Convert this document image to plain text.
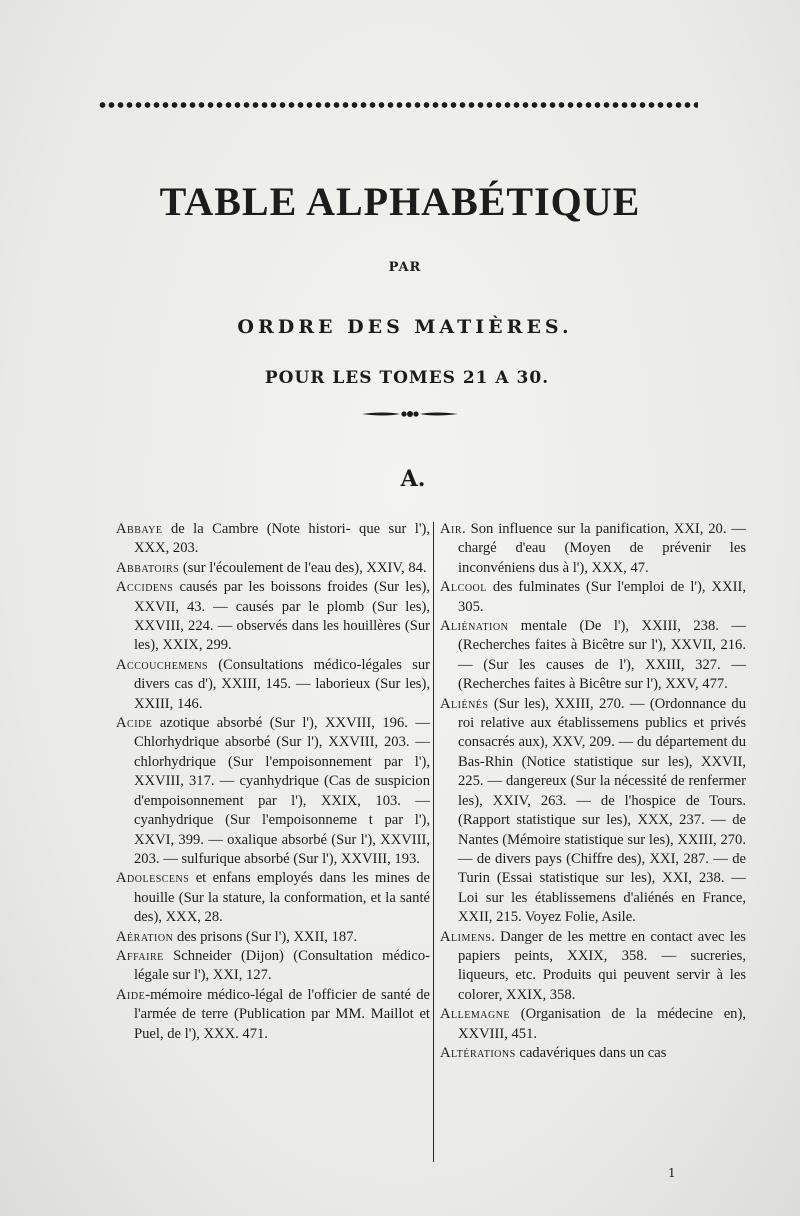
TABLE ALPHABÉTIQUE
PAR
ORDRE DES MATIÈRES.
POUR LES TOMES 21 A 30.
A.

Abbaye de la Cambre (Note histori- que sur l'), XXX, 203.

Abbatoirs (sur l'écoulement de l'eau des), XXIV, 84.

Accidens causés par les boissons froides (Sur les), XXVII, 43. — causés par le plomb (Sur les), XXVIII, 224. — observés dans les houillères (Sur les), XXIX, 299.

Accouchemens (Consultations médico-légales sur divers cas d'), XXIII, 145. — laborieux (Sur les), XXIII, 146.

Acide azotique absorbé (Sur l'), XXVIII, 196. — Chlorhydrique absorbé (Sur l'), XXVIII, 203. — chlorhydrique (Sur l'empoisonnement par l'), XXVIII, 317. — cyanhydrique (Cas de suspicion d'empoisonnement par l'), XXIX, 103. — cyanhydrique (Sur l'empoisonneme t par l'), XXVI, 399. — oxalique absorbé (Sur l'), XXVIII, 203. — sulfurique absorbé (Sur l'), XXVIII, 193.

Adolescens et enfans employés dans les mines de houille (Sur la stature, la conformation, et la santé des), XXX, 28.

Aération des prisons (Sur l'), XXII, 187.

Affaire Schneider (Dijon) (Consultation médico-légale sur l'), XXI, 127.

Aide-mémoire médico-légal de l'officier de santé de l'armée de terre (Publication par MM. Maillot et Puel, de l'), XXX. 471.

Air. Son influence sur la panification, XXI, 20. — chargé d'eau (Moyen de prévenir les inconvéniens dus à l'), XXX, 47.

Alcool des fulminates (Sur l'emploi de l'), XXII, 305.

Aliénation mentale (De l'), XXIII, 238. — (Recherches faites à Bicêtre sur l'), XXVII, 216. — (Sur les causes de l'), XXIII, 327. — (Recherches faites à Bicêtre sur l'), XXV, 477.

Aliénés (Sur les), XXIII, 270. — (Ordonnance du roi relative aux établissemens publics et privés consacrés aux), XXV, 209. — du département du Bas-Rhin (Notice statistique sur les), XXVII, 225. — dangereux (Sur la nécessité de renfermer les), XXIV, 263. — de l'hospice de Tours. (Rapport statistique sur les), XXX, 237. — de Nantes (Mémoire statistique sur les), XXIII, 270. — de divers pays (Chiffre des), XXI, 287. — de Turin (Essai statistique sur les), XXI, 238. — Loi sur les établissemens d'aliénés en France, XXII, 215. Voyez Folie, Asile.

Alimens. Danger de les mettre en contact avec les papiers peints, XXIX, 358. — sucreries, liqueurs, etc. Produits qui peuvent servir à les colorer, XXIX, 358.

Allemagne (Organisation de la médecine en), XXVIII, 451.

Altérations cadavériques dans un cas

1
